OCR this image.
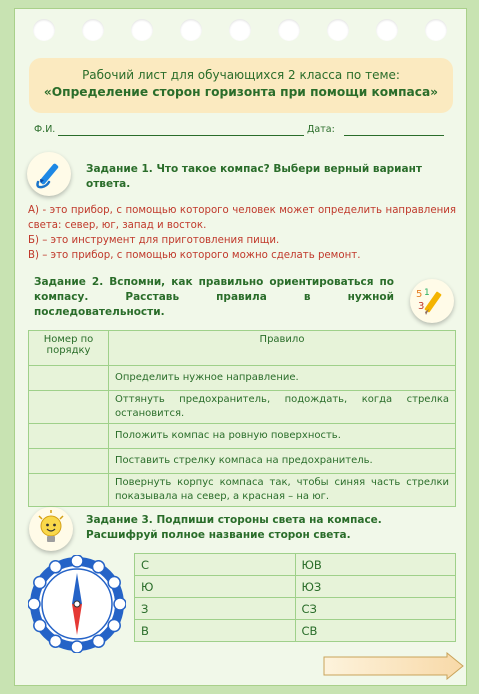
Рабочий лист для обучающихся 2 класса по теме:
«Определение сторон горизонта при помощи компаса»
Ф.И.	Дата:
Задание 1. Что такое компас? Выбери верный вариант ответа.
А) - это прибор, с помощью которого человек может определить направления света: север, юг, запад и восток.
Б) – это инструмент для приготовления пищи.
В) – это прибор, с помощью которого можно сделать ремонт.
Задание 2. Вспомни, как правильно ориентироваться по компасу. Расставь правила в нужной последовательности.
5 1
3
Номер по порядку	Правило
	Определить нужное направление.
	Оттянуть предохранитель, подождать, когда стрелка остановится.
	Положить компас на ровную поверхность.
	Поставить стрелку компаса на предохранитель.
	Повернуть корпус компаса так, чтобы синяя часть стрелки показывала на север, а красная – на юг.
Задание 3. Подпиши стороны света на компасе.
Расшифруй полное название сторон света.
С	ЮВ
Ю	ЮЗ
З	СЗ
В	СВ
